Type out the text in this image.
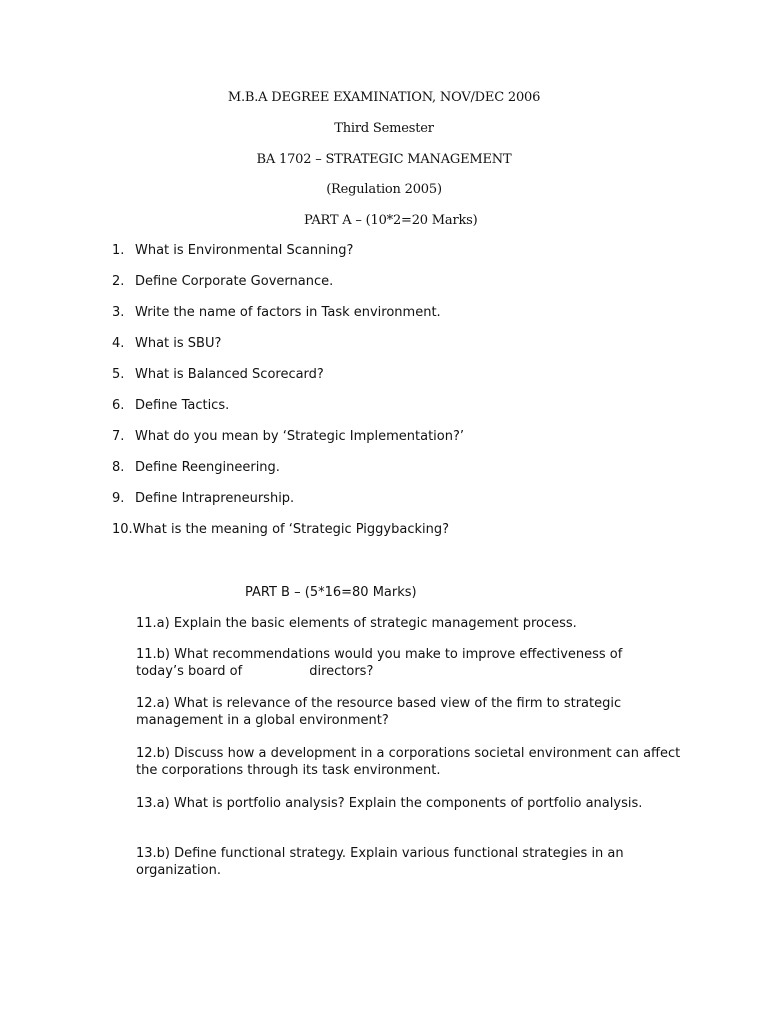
M.B.A DEGREE EXAMINATION, NOV/DEC 2006
Third Semester
BA 1702 – STRATEGIC MANAGEMENT
(Regulation 2005)
PART A – (10*2=20 Marks)
1. What is Environmental Scanning?
2. Define Corporate Governance.
3. Write the name of factors in Task environment.
4. What is SBU?
5. What is Balanced Scorecard?
6. Define Tactics.
7. What do you mean by ‘Strategic Implementation?’
8. Define Reengineering.
9. Define Intrapreneurship.
10.What is the meaning of ‘Strategic Piggybacking?
PART B – (5*16=80 Marks)
11.a) Explain the basic elements of strategic management process.
11.b) What recommendations would you make to improve effectiveness of
today’s board of	directors?
12.a) What is relevance of the resource based view of the firm to strategic management in a global environment?
12.b) Discuss how a development in a corporations societal environment can affect the corporations through its task environment.
13.a) What is portfolio analysis? Explain the components of portfolio analysis.
13.b) Define functional strategy. Explain various functional strategies in an organization.
